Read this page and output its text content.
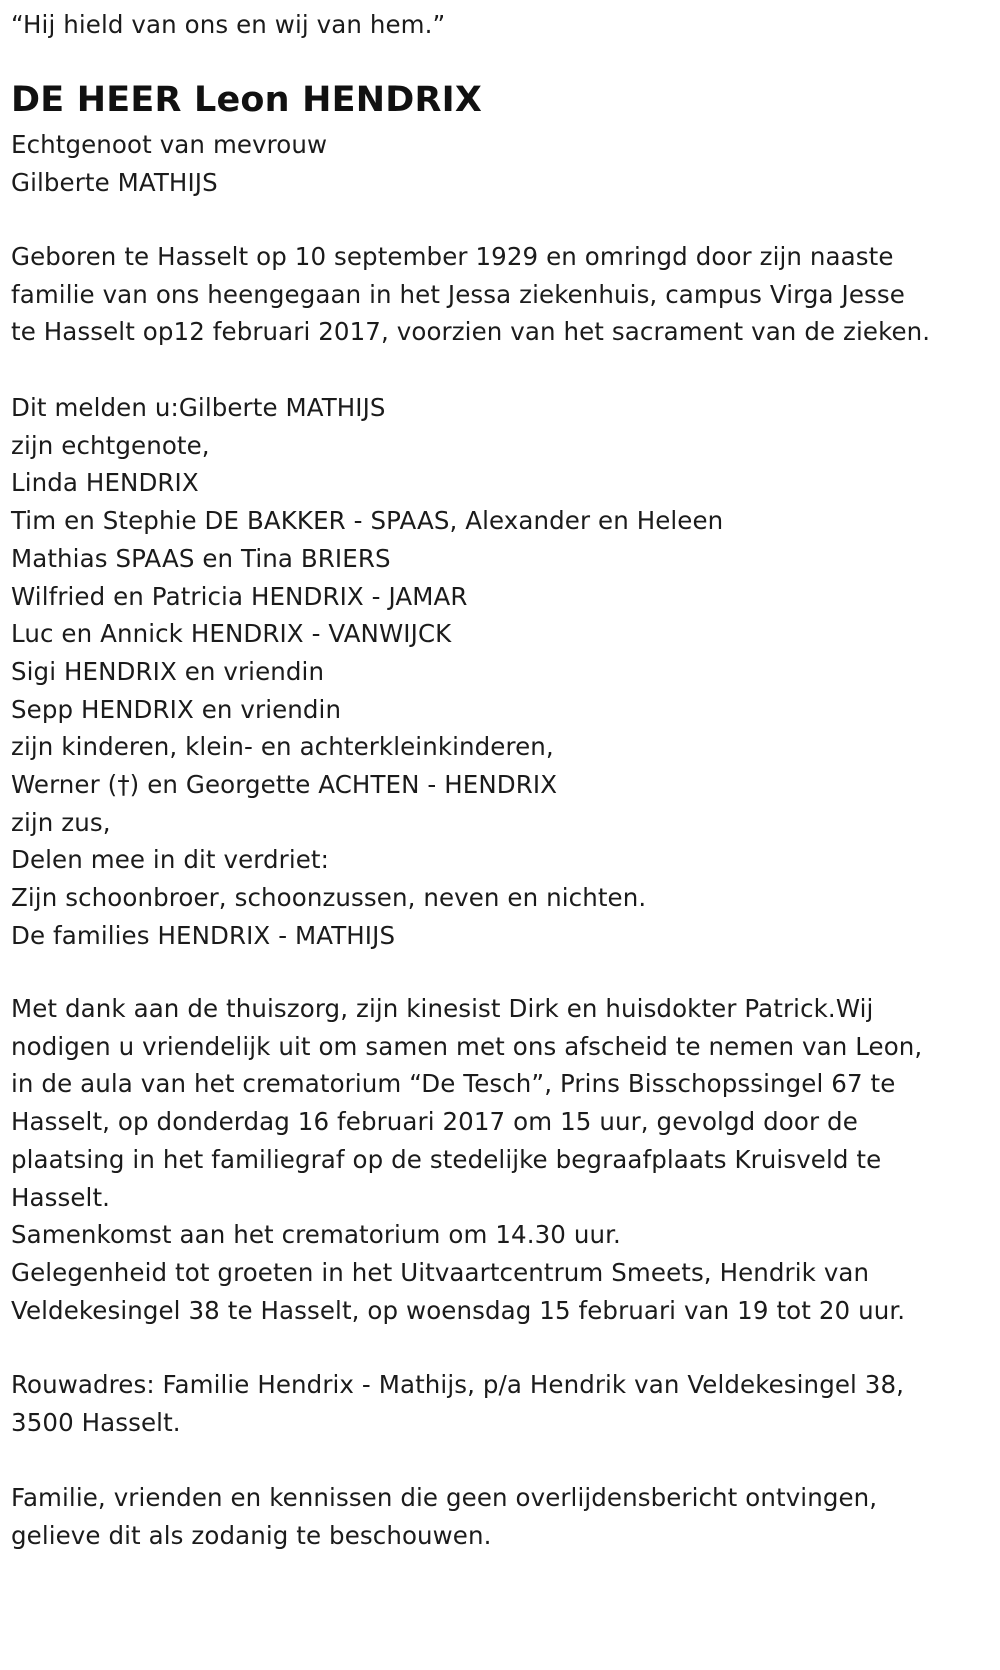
“Hij hield van ons en wij van hem.”
DE HEER Leon HENDRIX
Echtgenoot van mevrouw
Gilberte MATHIJS
Geboren te Hasselt op 10 september 1929 en omringd door zijn naaste
familie van ons heengegaan in het Jessa ziekenhuis, campus Virga Jesse
te Hasselt op12 februari 2017, voorzien van het sacrament van de zieken.
Dit melden u:Gilberte MATHIJS
zijn echtgenote,
Linda HENDRIX
Tim en Stephie DE BAKKER - SPAAS, Alexander en Heleen
Mathias SPAAS en Tina BRIERS
Wilfried en Patricia HENDRIX - JAMAR
Luc en Annick HENDRIX - VANWIJCK
Sigi HENDRIX en vriendin
Sepp HENDRIX en vriendin
zijn kinderen, klein- en achterkleinkinderen,
Werner (†) en Georgette ACHTEN - HENDRIX
zijn zus,
Delen mee in dit verdriet:
Zijn schoonbroer, schoonzussen, neven en nichten.
De families HENDRIX - MATHIJS
Met dank aan de thuiszorg, zijn kinesist Dirk en huisdokter Patrick.Wij
nodigen u vriendelijk uit om samen met ons afscheid te nemen van Leon,
in de aula van het crematorium “De Tesch”, Prins Bisschopssingel 67 te
Hasselt, op donderdag 16 februari 2017 om 15 uur, gevolgd door de
plaatsing in het familiegraf op de stedelijke begraafplaats Kruisveld te
Hasselt.
Samenkomst aan het crematorium om 14.30 uur.
Gelegenheid tot groeten in het Uitvaartcentrum Smeets, Hendrik van
Veldekesingel 38 te Hasselt, op woensdag 15 februari van 19 tot 20 uur.
Rouwadres: Familie Hendrix - Mathijs, p/a Hendrik van Veldekesingel 38,
3500 Hasselt.
Familie, vrienden en kennissen die geen overlijdensbericht ontvingen,
gelieve dit als zodanig te beschouwen.
